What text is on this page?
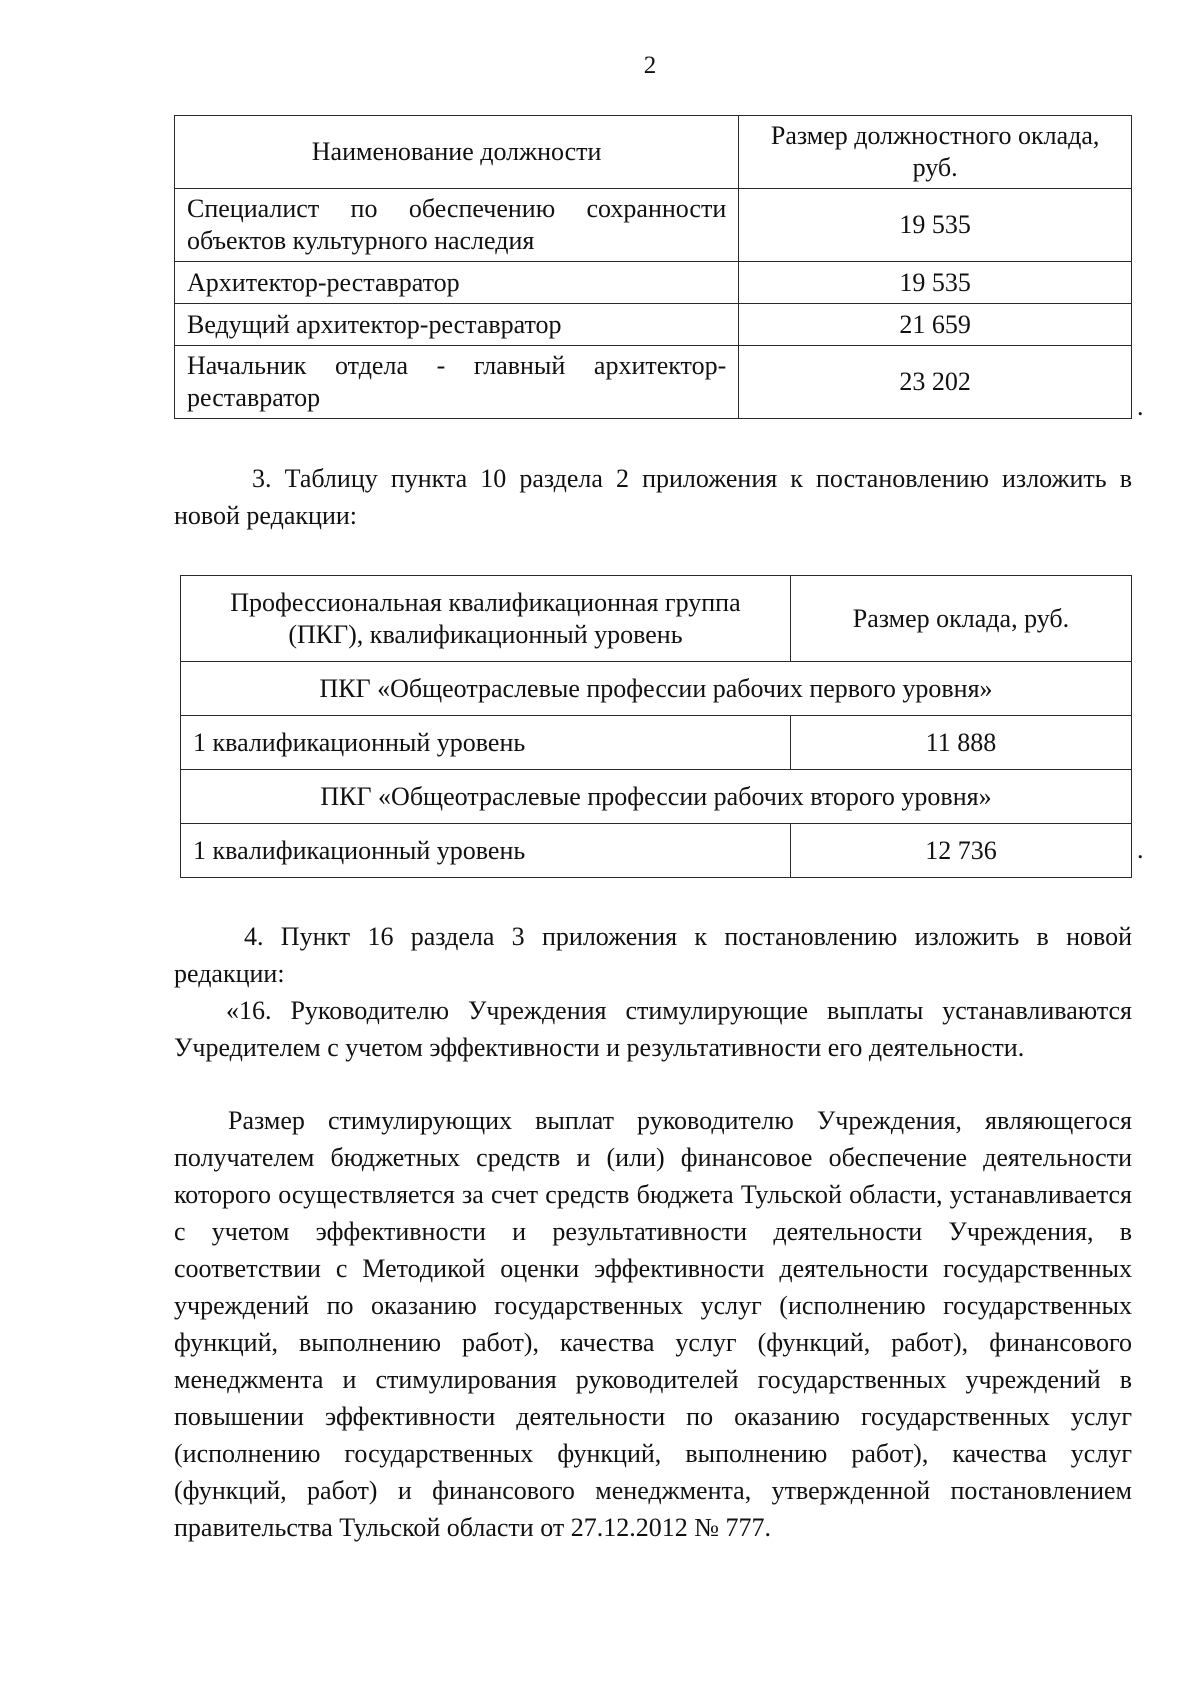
2
Наименование должности	Размер должностного оклада, руб.

Специалист по обеспечению сохранности объектов культурного наследия	19 535
Архитектор-реставратор	19 535
Ведущий архитектор-реставратор	21 659

Начальник отдела - главный архитектор-реставратор	23 202
.

3. Таблицу пункта 10 раздела 2 приложения к постановлению изложить в новой редакции:

Профессиональная квалификационная группа (ПКГ), квалификационный уровень	Размер оклада, руб.
ПКГ «Общеотраслевые профессии рабочих первого уровня»	
1 квалификационный уровень	11 888
ПКГ «Общеотраслевые профессии рабочих второго уровня»	
1 квалификационный уровень	12 736	.

4. Пункт 16 раздела 3 приложения к постановлению изложить в новой редакции:

«16. Руководителю Учреждения стимулирующие выплаты устанавливаются Учредителем с учетом эффективности и результативности его деятельности.

Размер стимулирующих выплат руководителю Учреждения, являющегося получателем бюджетных средств и (или) финансовое обеспечение деятельности которого осуществляется за счет средств бюджета Тульской области, устанавливается с учетом эффективности и результативности деятельности Учреждения, в соответствии с Методикой оценки эффективности деятельности государственных учреждений по оказанию государственных услуг (исполнению государственных функций, выполнению работ), качества услуг (функций, работ), финансового менеджмента и стимулирования руководителей государственных учреждений в повышении эффективности деятельности по оказанию государственных услуг (исполнению государственных функций, выполнению работ), качества услуг (функций, работ) и финансового менеджмента, утвержденной постановлением правительства Тульской области от 27.12.2012 № 777.
